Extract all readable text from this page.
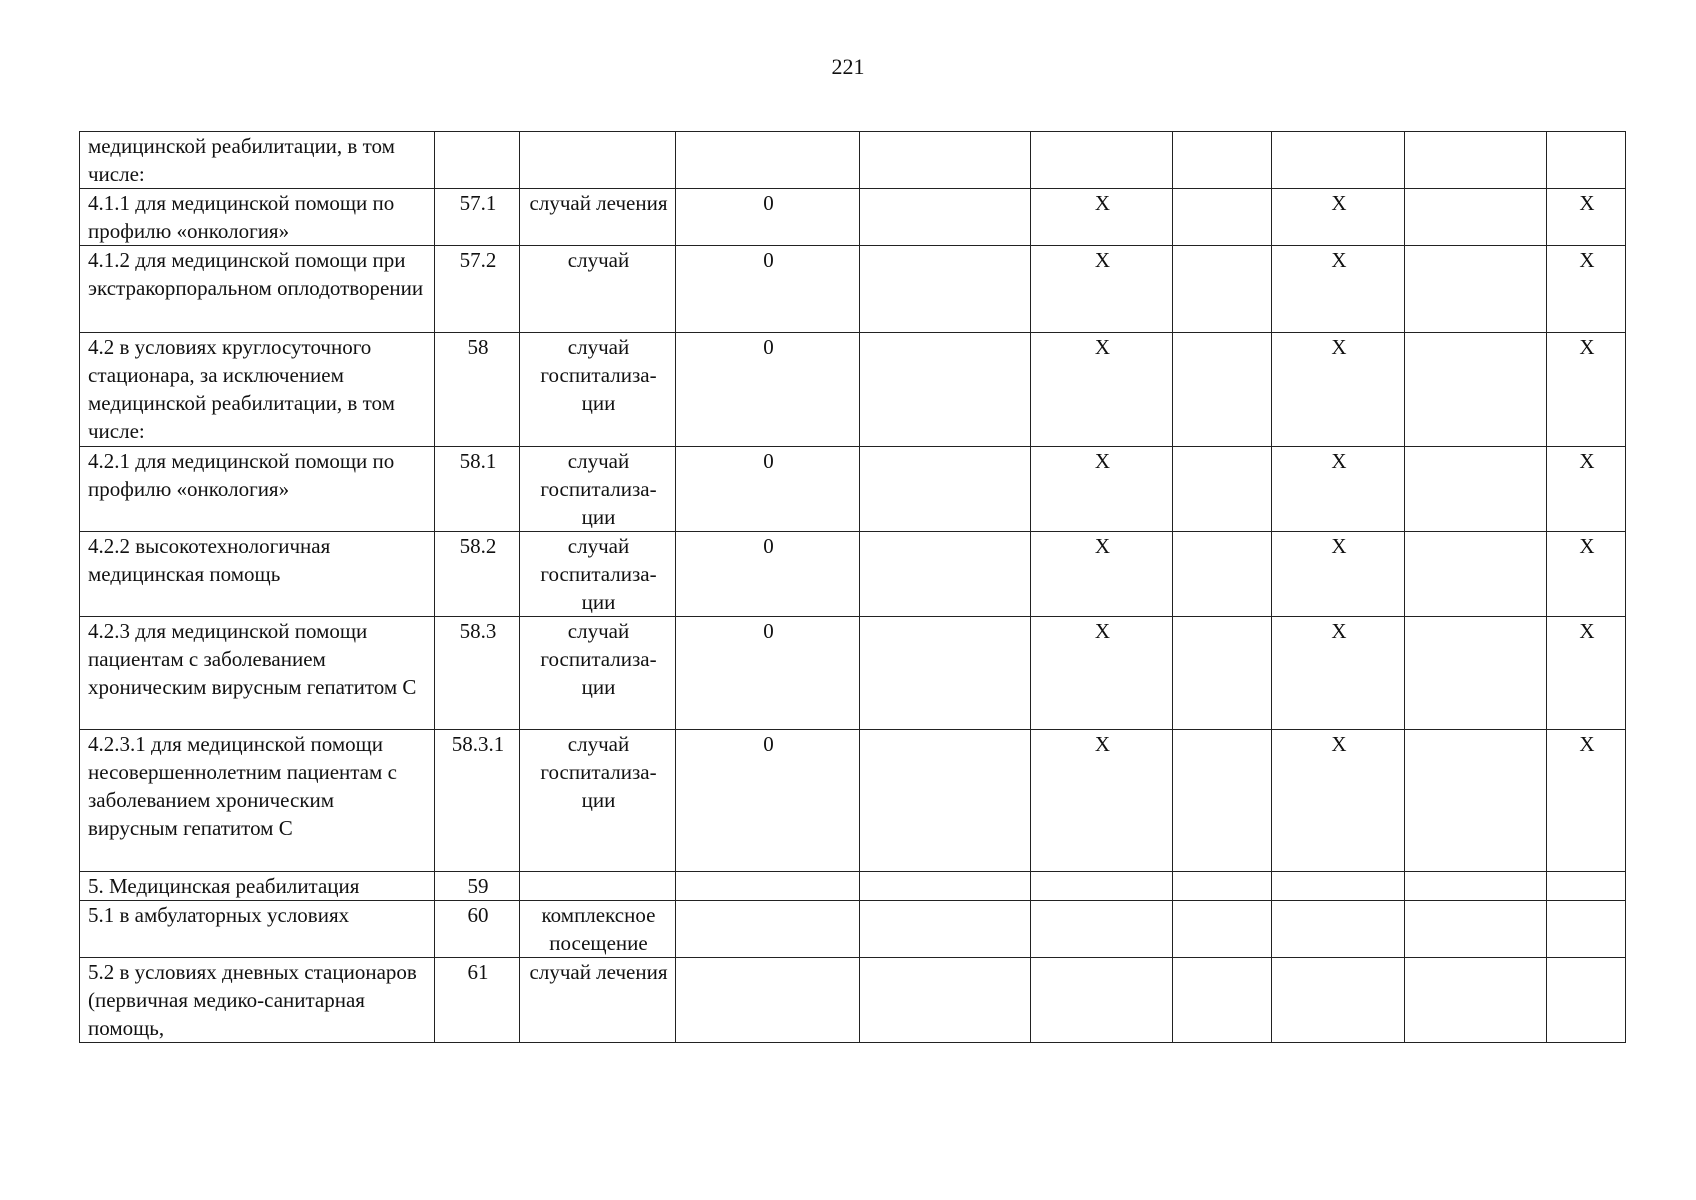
221
медицинской реабилитации, в том числе:									
4.1.1 для медицинской помощи по профилю «онкология»	57.1	случай лечения	0		X		X		X
4.1.2 для медицинской помощи при экстракорпоральном оплодотворении	57.2	случай	0		X		X		X
4.2 в условиях круглосуточного стационара, за исключением медицинской реабилитации, в том числе:	58	случай госпитализа-ции	0		X		X		X
4.2.1 для медицинской помощи по профилю «онкология»	58.1	случай госпитализа-ции	0		X		X		X
4.2.2 высокотехнологичная медицинская помощь	58.2	случай госпитализа-ции	0		X		X		X
4.2.3 для медицинской помощи пациентам с заболеванием хроническим вирусным гепатитом С	58.3	случай госпитализа-ции	0		X		X		X
4.2.3.1 для медицинской помощи несовершеннолетним пациентам с заболеванием хроническим вирусным гепатитом С	58.3.1	случай госпитализа-ции	0		X		X		X
5. Медицинская реабилитация	59								
5.1 в амбулаторных условиях	60	комплексное посещение							
5.2 в условиях дневных стационаров (первичная медико-санитарная помощь,	61	случай лечения							
